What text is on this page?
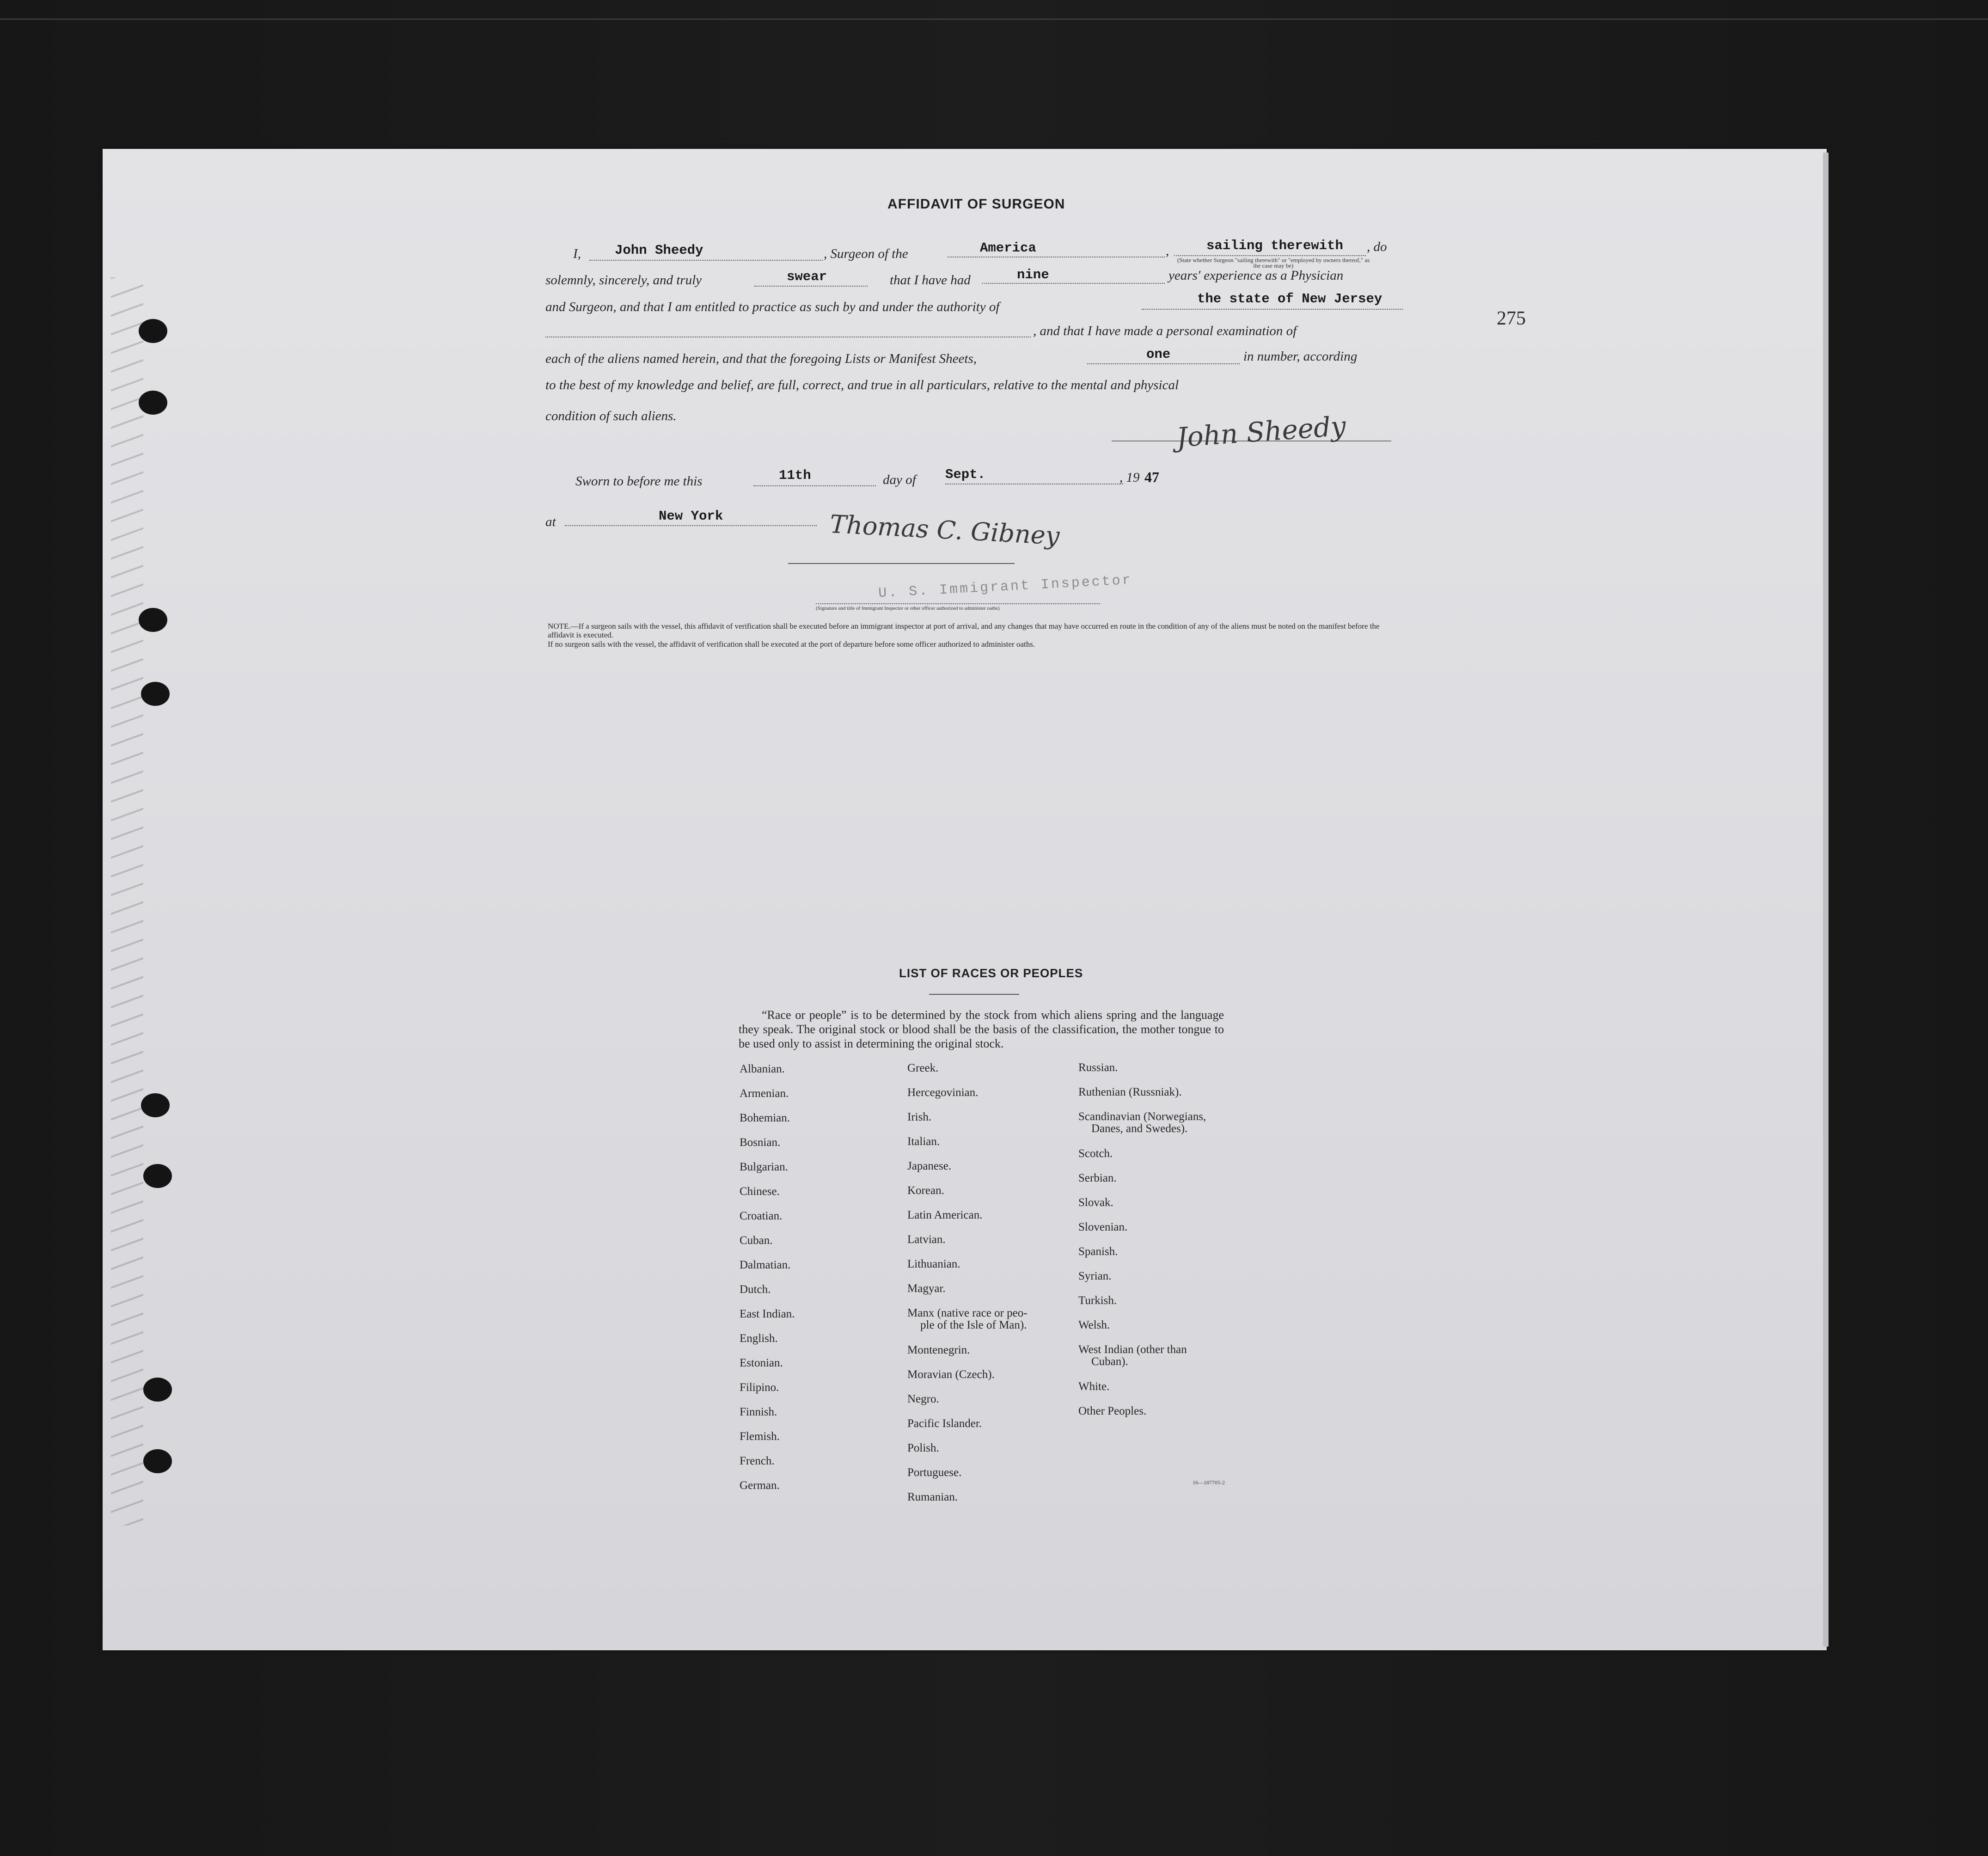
AFFIDAVIT OF SURGEON
275
I,	John Sheedy	, Surgeon of the	America	,	sailing therewith , do
(State whether Surgeon "sailing therewith" or "employed by owners thereof," as the case may be)
solemnly, sincerely, and truly	swear	that I have had	nine	years' experience as a Physician
and Surgeon, and that I am entitled to practice as such by and under the authority of
the state of New Jersey
, and that I have made a personal examination of
each of the aliens named herein, and that the foregoing Lists or Manifest Sheets,	one	in number, according
to the best of my knowledge and belief, are full, correct, and true in all particulars, relative to the mental and physical
condition of such aliens.	John Sheedy
Sworn to before me this	11th	day of Sept.	, 19 47
at	New York	Thomas C. Gibney
U. S. Immigrant Inspector
(Signature and title of Immigrant Inspector or other officer authorized to administer oaths)
NOTE.—If a surgeon sails with the vessel, this affidavit of verification shall be executed before an immigrant inspector at port of arrival, and any changes that may have occurred en route in the condition of any of the aliens must be noted on the manifest before the affidavit is executed.
If no surgeon sails with the vessel, the affidavit of verification shall be executed at the port of departure before some officer authorized to administer oaths.
LIST OF RACES OR PEOPLES
“Race or people” is to be determined by the stock from which aliens spring and the language they speak. The original stock or blood shall be the basis of the classification, the mother tongue to be used only to assist in determining the original stock.
Albanian.
Armenian.
Bohemian.
Bosnian.
Bulgarian.
Chinese.
Croatian.
Cuban.
Dalmatian.
Dutch.
East Indian.
English.
Estonian.
Filipino.
Finnish.
Flemish.
French.
German.
Greek.
Hercegovinian.
Irish.
Italian.
Japanese.
Korean.
Latin American.
Latvian.
Lithuanian.
Magyar.
Manx (native race or peo-
ple of the Isle of Man).
Montenegrin.
Moravian (Czech).
Negro.
Pacific Islander.
Polish.
Portuguese.
Rumanian.
Russian.
Ruthenian (Russniak).
Scandinavian (Norwegians,
Danes, and Swedes).
Scotch.
Serbian.
Slovak.
Slovenian.
Spanish.
Syrian.
Turkish.
Welsh.
West Indian (other than
Cuban).
White.
Other Peoples.
16—187705-2
